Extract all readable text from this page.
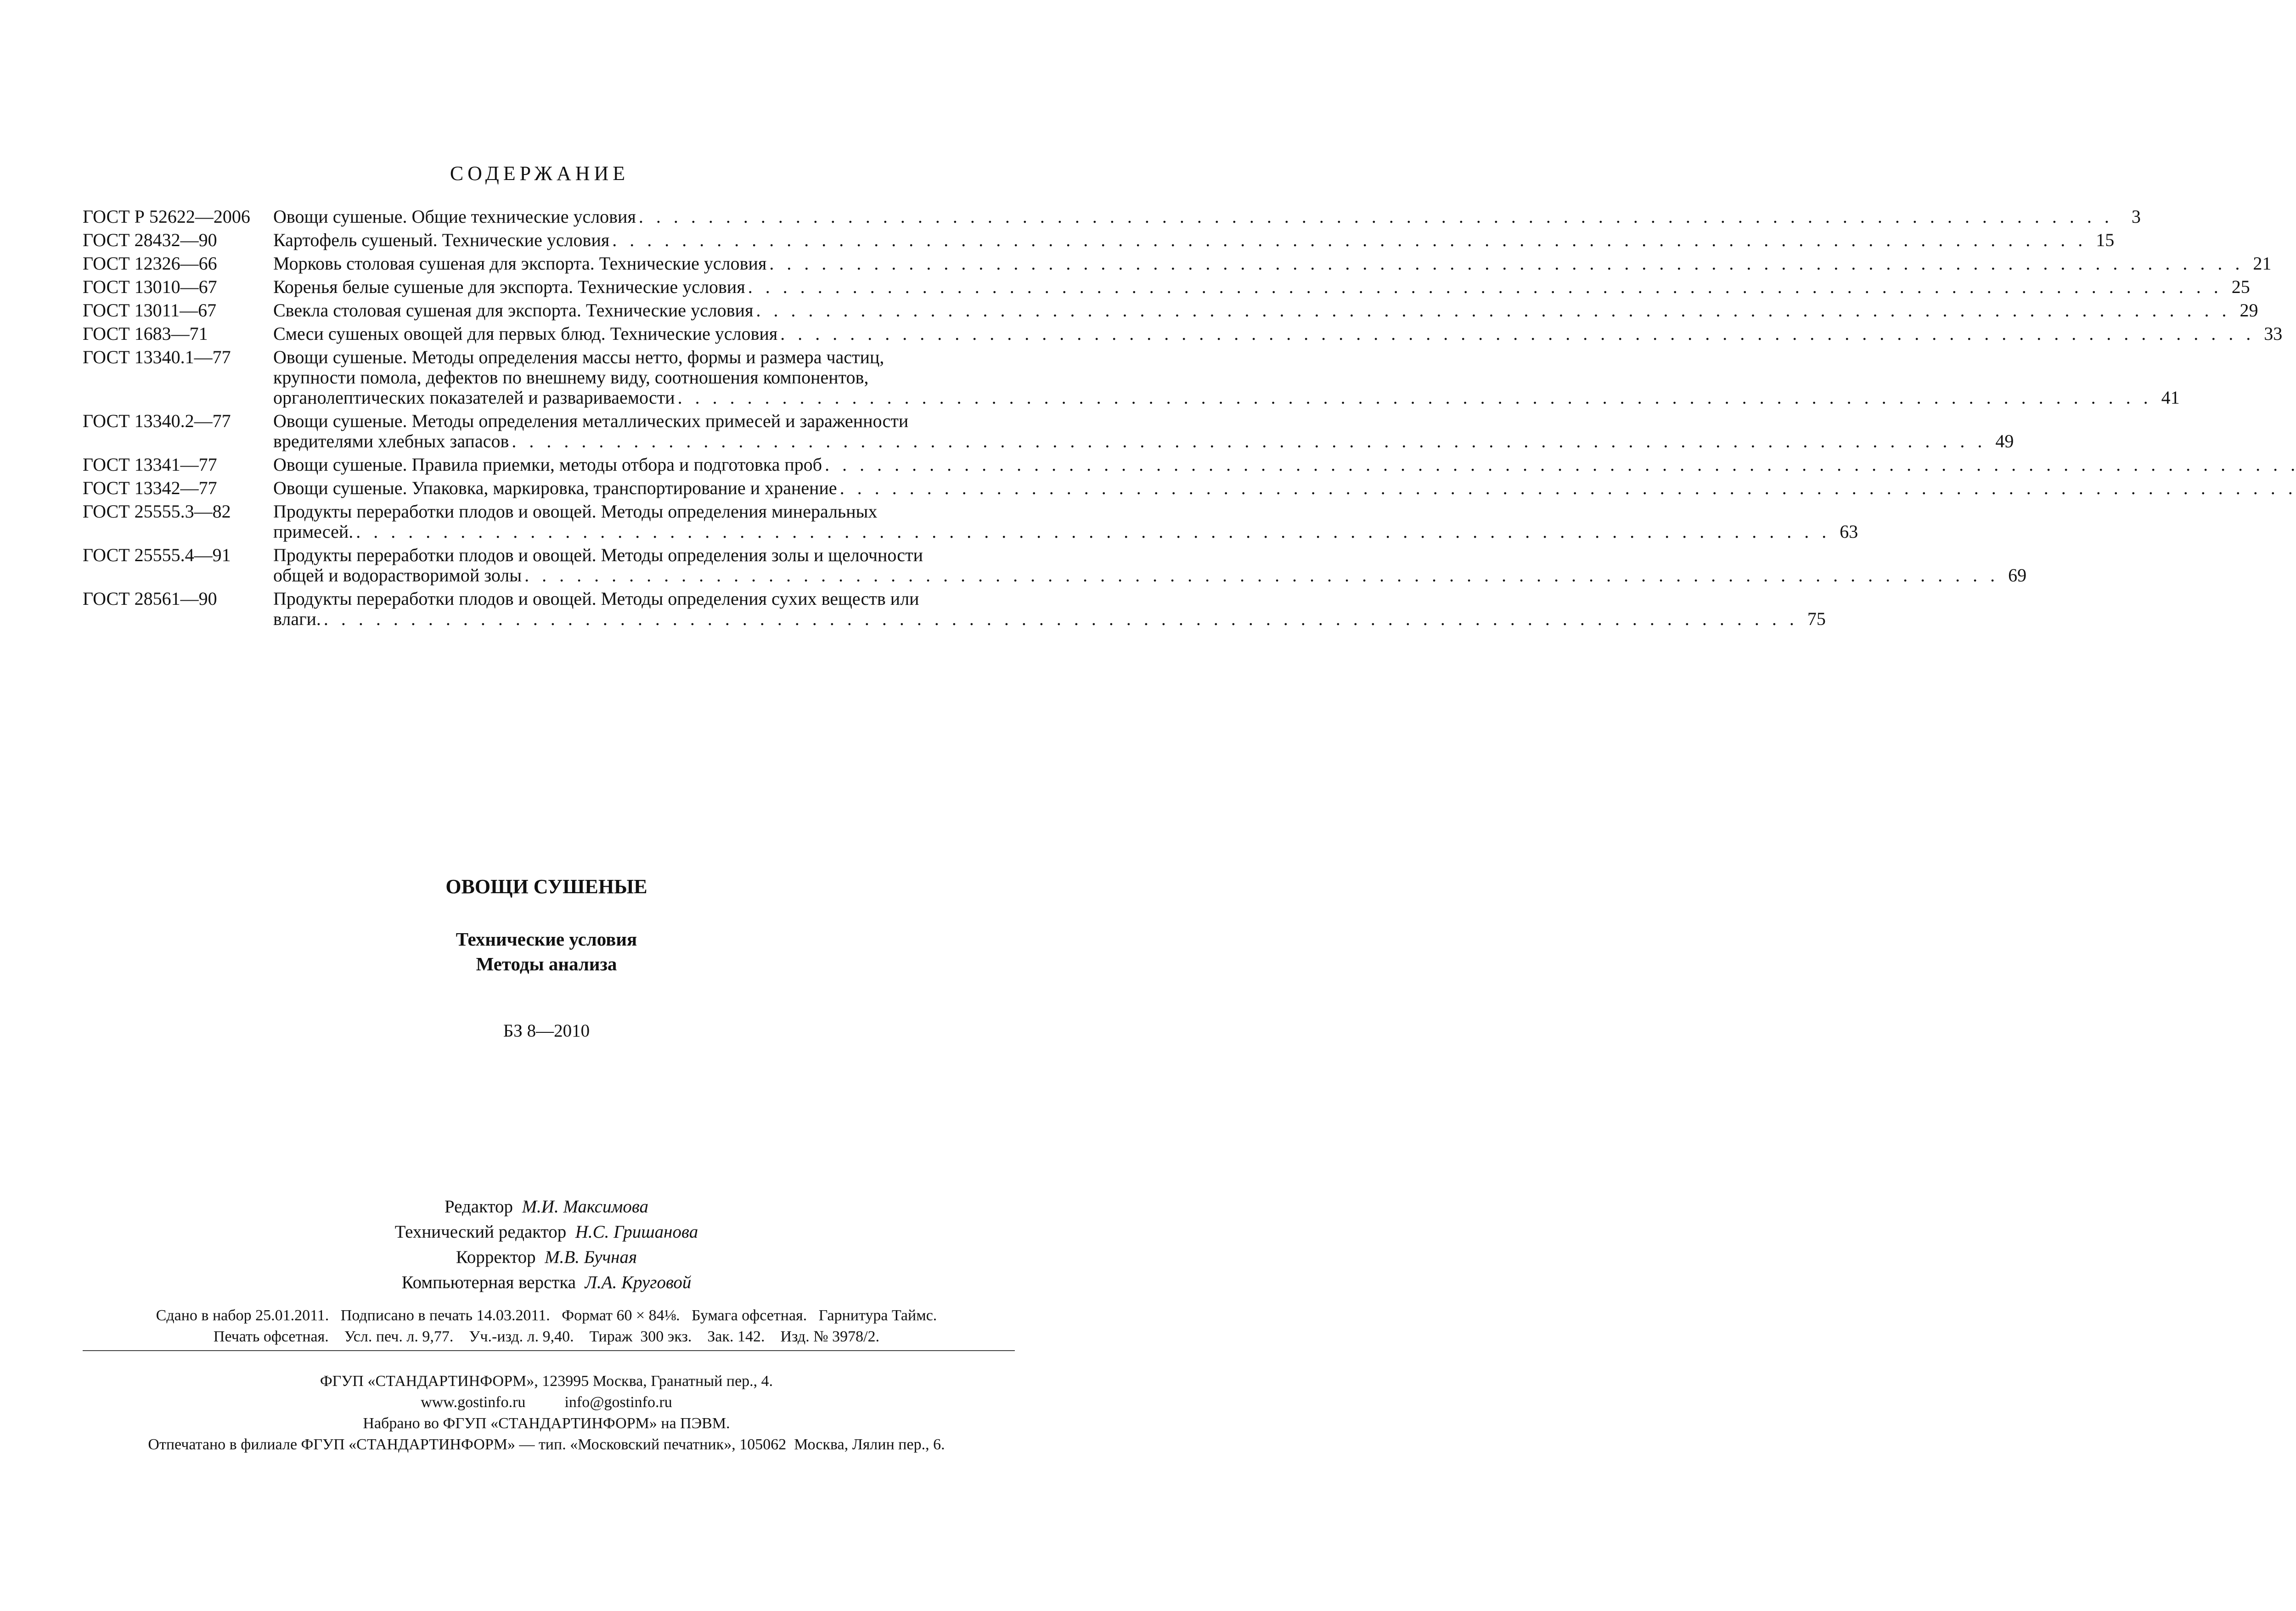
СОДЕРЖАНИЕ
ГОСТ Р 52622—2006	Овощи сушеные. Общие технические условия . . .	3
ГОСТ 28432—90	Картофель сушеный. Технические условия . . .	15
ГОСТ 12326—66	Морковь столовая сушеная для экспорта. Технические условия . . .	21
ГОСТ 13010—67	Коренья белые сушеные для экспорта. Технические условия . . .	25
ГОСТ 13011—67	Свекла столовая сушеная для экспорта. Технические условия . . .	29
ГОСТ 1683—71	Смеси сушеных овощей для первых блюд. Технические условия . . .	33
ГОСТ 13340.1—77	Овощи сушеные. Методы определения массы нетто, формы и размера частиц,
крупности помола, дефектов по внешнему виду, соотношения компонентов,
органолептических показателей и развариваемости . . .	41
ГОСТ 13340.2—77	Овощи сушеные. Методы определения металлических примесей и зараженности
вредителями хлебных запасов . . .	49
ГОСТ 13341—77	Овощи сушеные. Правила приемки, методы отбора и подготовка проб
. . .
ГОСТ 13342—77	Овощи сушеные. Упаковка, маркировка, транспортирование и хранение
. . .
ГОСТ 25555.3—82	Продукты переработки плодов и овощей. Методы определения минеральных
примесей. . . .	63
ГОСТ 25555.4—91	Продукты переработки плодов и овощей. Методы определения золы и щелочности
общей и водорастворимой золы . . .	69
ГОСТ 28561—90	Продукты переработки плодов и овощей. Методы определения сухих веществ или
влаги. . . .	75
ОВОЩИ СУШЕНЫЕ
Технические условия
Методы анализа
БЗ 8—2010
Редактор М.И. Максимова
Технический редактор Н.С. Гришанова
Корректор М.В. Бучная
Компьютерная верстка Л.А. Круговой
Сдано в набор 25.01.2011.   Подписано в печать 14.03.2011.   Формат 60 × 84⅛.   Бумага офсетная.   Гарнитура Таймс.
Печать офсетная.    Усл. печ. л. 9,77.    Уч.-изд. л. 9,40.    Тираж  300 экз.    Зак. 142.    Изд. № 3978/2.
ФГУП «СТАНДАРТИНФОРМ», 123995 Москва, Гранатный пер., 4.
www.gostinfo.ru	info@gostinfo.ru
Набрано во ФГУП «СТАНДАРТИНФОРМ» на ПЭВМ.
Отпечатано в филиале ФГУП «СТАНДАРТИНФОРМ» — тип. «Московский печатник», 105062  Москва, Лялин пер., 6.
